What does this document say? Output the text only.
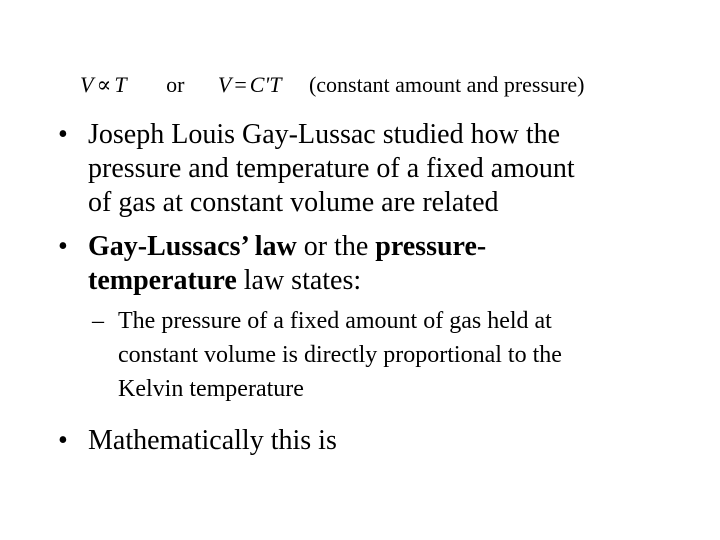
V ∝ T or V = C'T (constant amount and pressure)
• Joseph Louis Gay-Lussac studied how the
pressure and temperature of a fixed amount
of gas at constant volume are related
• Gay-Lussacs’ law or the pressure-
temperature law states:
– The pressure of a fixed amount of gas held at
constant volume is directly proportional to the
Kelvin temperature
• Mathematically this is
